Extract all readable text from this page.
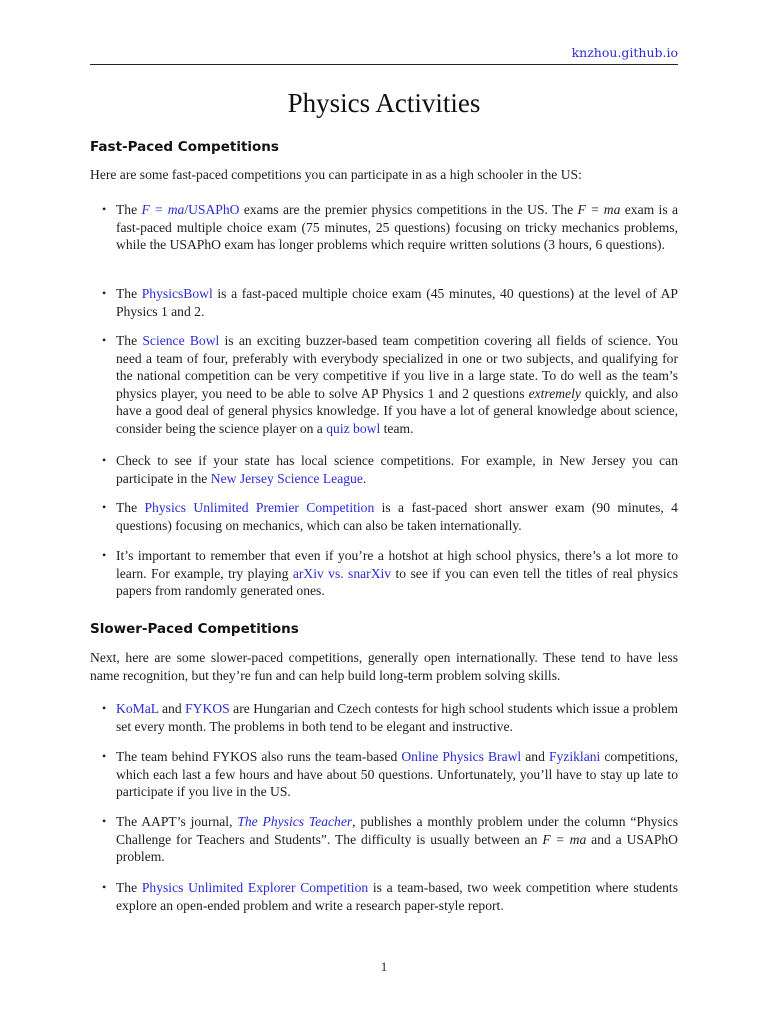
knzhou.github.io
Physics Activities
Fast-Paced Competitions
Here are some fast-paced competitions you can participate in as a high schooler in the US:
• The F = ma/USAPhO exams are the premier physics competitions in the US. The F = ma exam is a fast-paced multiple choice exam (75 minutes, 25 questions) focusing on tricky mechanics problems, while the USAPhO exam has longer problems which require written solutions (3 hours, 6 questions).
• The PhysicsBowl is a fast-paced multiple choice exam (45 minutes, 40 questions) at the level of AP Physics 1 and 2.
• The Science Bowl is an exciting buzzer-based team competition covering all fields of science. You need a team of four, preferably with everybody specialized in one or two subjects, and qualifying for the national competition can be very competitive if you live in a large state. To do well as the team’s physics player, you need to be able to solve AP Physics 1 and 2 questions extremely quickly, and also have a good deal of general physics knowledge. If you have a lot of general knowledge about science, consider being the science player on a quiz bowl team.
• Check to see if your state has local science competitions. For example, in New Jersey you can participate in the New Jersey Science League.
• The Physics Unlimited Premier Competition is a fast-paced short answer exam (90 minutes, 4 questions) focusing on mechanics, which can also be taken internationally.
• It’s important to remember that even if you’re a hotshot at high school physics, there’s a lot more to learn. For example, try playing arXiv vs. snarXiv to see if you can even tell the titles of real physics papers from randomly generated ones.
Slower-Paced Competitions
Next, here are some slower-paced competitions, generally open internationally. These tend to have less name recognition, but they’re fun and can help build long-term problem solving skills.
• KoMaL and FYKOS are Hungarian and Czech contests for high school students which issue a problem set every month. The problems in both tend to be elegant and instructive.
• The team behind FYKOS also runs the team-based Online Physics Brawl and Fyziklani competitions, which each last a few hours and have about 50 questions. Unfortunately, you’ll have to stay up late to participate if you live in the US.
• The AAPT’s journal, The Physics Teacher, publishes a monthly problem under the column “Physics Challenge for Teachers and Students”. The difficulty is usually between an F = ma and a USAPhO problem.
• The Physics Unlimited Explorer Competition is a team-based, two week competition where students explore an open-ended problem and write a research paper-style report.
1
